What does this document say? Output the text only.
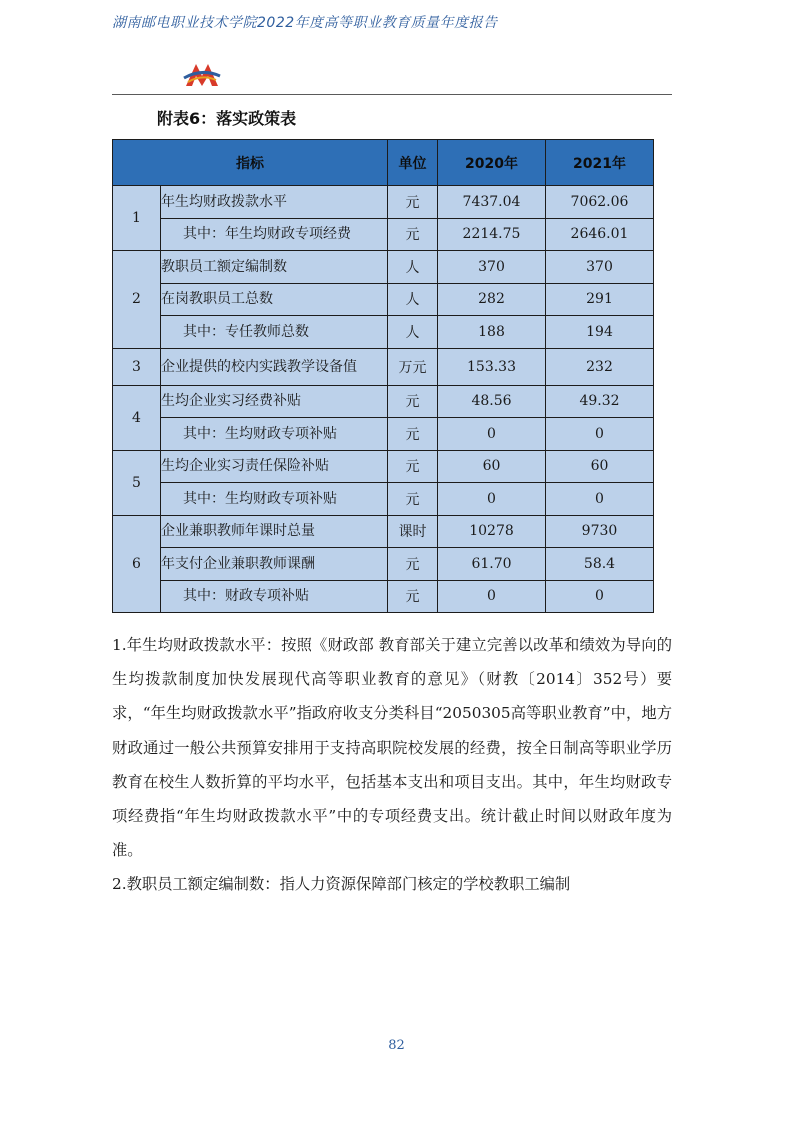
湖南邮电职业技术学院2022年度高等职业教育质量年度报告
附表6：落实政策表
指标		单位	2020年	2021年
1	年生均财政拨款水平	元	7437.04	7062.06
	其中：年生均财政专项经费	元	2214.75	2646.01
2	教职员工额定编制数	人	370	370
	在岗教职员工总数	人	282	291
	其中：专任教师总数	人	188	194
3	企业提供的校内实践教学设备值	万元	153.33	232
4	生均企业实习经费补贴	元	48.56	49.32
	其中：生均财政专项补贴	元	0	0
5	生均企业实习责任保险补贴	元	60	60
	其中：生均财政专项补贴	元	0	0
6	企业兼职教师年课时总量	课时	10278	9730
	年支付企业兼职教师课酬	元	61.70	58.4
	其中：财政专项补贴	元	0	0

1.年生均财政拨款水平：按照《财政部 教育部关于建立完善以改革和绩效为导向的生均拨款制度加快发展现代高等职业教育的意见》（财教〔2014〕352号）要求，“年生均财政拨款水平”指政府收支分类科目“2050305高等职业教育”中，地方财政通过一般公共预算安排用于支持高职院校发展的经费，按全日制高等职业学历教育在校生人数折算的平均水平，包括基本支出和项目支出。其中，年生均财政专项经费指“年生均财政拨款水平”中的专项经费支出。统计截止时间以财政年度为准。

2.教职员工额定编制数：指人力资源保障部门核定的学校教职工编制

82
